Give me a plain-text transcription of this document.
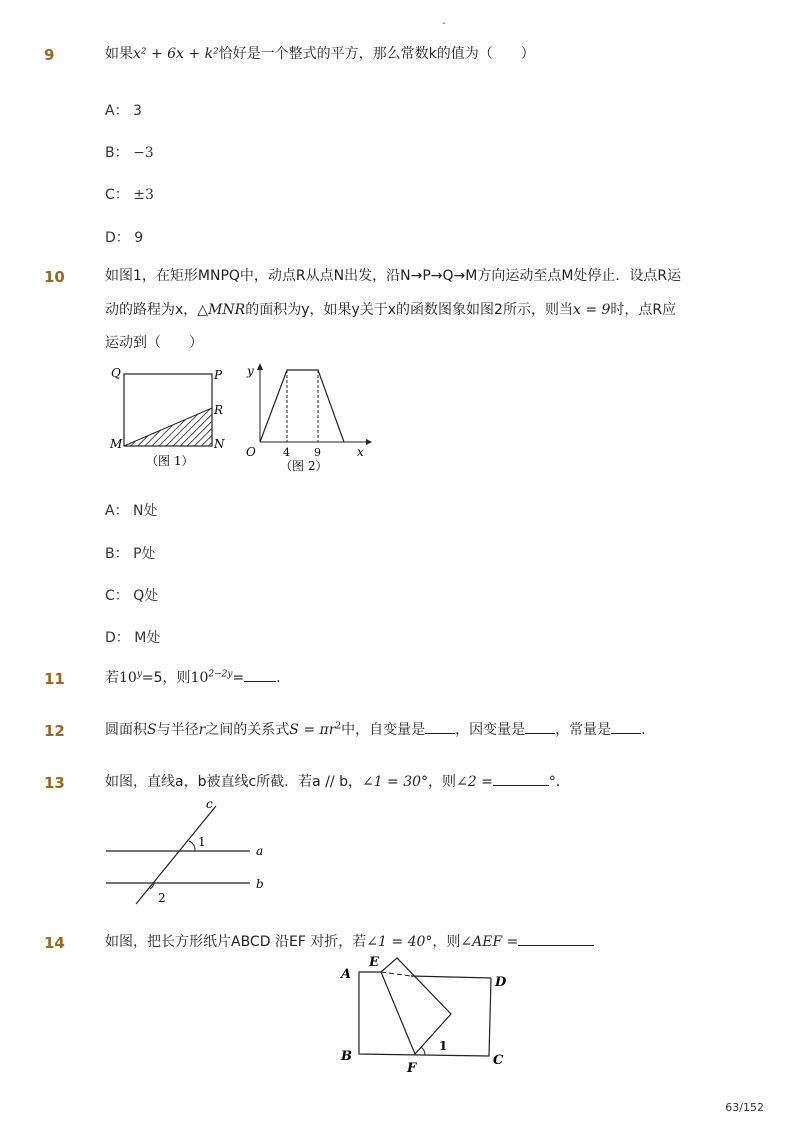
-
9	如果x² + 6x + k²恰好是一个整式的平方，那么常数k的值为（　　）
A： 3
B： −3
C： ±3
D： 9
10	如图1，在矩形MNPQ中，动点R从点N出发，沿N→P→Q→M方向运动至点M处停止．设点R运
动的路程为x，△MNR的面积为y，如果y关于x的函数图象如图2所示，则当x = 9时，点R应
运动到（　　）
Q	P
R
M	N
（图 1）
y
x
O 4 9
（图 2）
A： N处
B： P处
C： Q处
D： M处
11	若$10^y=5$，则$10^{2-2y}=$ ．
12	圆面积S与半径r之间的关系式$S = \pi r^2$中，自变量是 ，因变量是 ，常量是 ．
13	如图，直线a，b被直线c所截．若a // b，∠1 = 30°，则∠2 =	°．
c
a
b
1
2
14	如图，把长方形纸片ABCD 沿EF 对折，若∠1 = 40°，则∠AEF =
A
E
D
B
F
C
1
63/152
